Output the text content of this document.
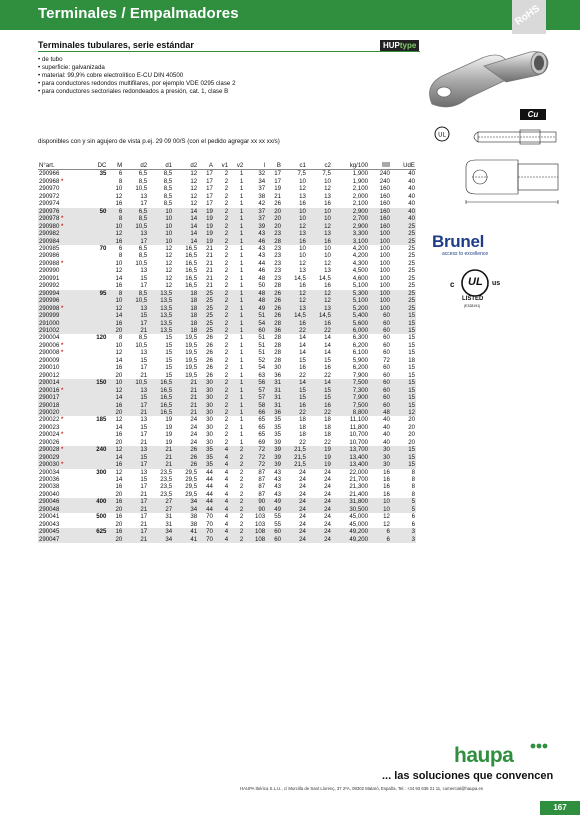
Terminales / Empalmadores	RoHS
Terminales tubulares, serie estándar	HUPtype
• de tubo
• superficie: galvanizada
• material: 99,9% cobre electrolítico E-CU DIN 40500
• para conductores redondos multifilares, por ejemplo VDE 0295 clase 2
• para conductores sectoriales redondeados a presión, cat. 1, clase B
disponibles con y sin agujero de vista p.ej. 29 09 00/S (con el pedido agregar xx xx xx/s)
Cu
UL
Brunel
access to excellence
c UL us
LISTED
(E328191)
N°art.	DC	M	d2	d1	d2	A	v1	v2	l	B	c1	c2	kg/100		UdE
290966	35	6	6,5	8,5	12	17	2	1	32	17	7,5	7,5	1,900	240	40
290968 *		8	8,5	8,5	12	17	2	1	34	17	10	10	1,900	240	40
290970		10	10,5	8,5	12	17	2	1	37	19	12	12	2,100	160	40
290972		12	13	8,5	12	17	2	1	38	21	13	13	2,000	160	40
290974		16	17	8,5	12	17	2	1	42	26	16	16	2,100	160	40
290976	50	6	6,5	10	14	19	2	1	37	20	10	10	2,900	160	40
290978 *		8	8,5	10	14	19	2	1	37	20	10	10	2,700	160	40
290980 *		10	10,5	10	14	19	2	1	39	20	12	12	2,900	160	25
290982		12	13	10	14	19	2	1	43	23	13	13	3,300	100	25
290984		16	17	10	14	19	2	1	46	28	16	16	3,100	100	25
290985	70	6	6,5	12	16,5	21	2	1	43	23	10	10	4,200	100	25
290986		8	8,5	12	16,5	21	2	1	43	23	10	10	4,200	100	25
290988 *		10	10,5	12	16,5	21	2	1	44	23	12	12	4,300	100	25
290990		12	13	12	16,5	21	2	1	46	23	13	13	4,500	100	25
290991		14	15	12	16,5	21	2	1	48	23	14,5	14,5	4,600	100	25
290992		16	17	12	16,5	21	2	1	50	28	16	16	5,100	100	25
290994	95	8	8,5	13,5	18	25	2	1	48	26	12	12	5,300	100	25
290996		10	10,5	13,5	18	25	2	1	48	26	12	12	5,100	100	25
290998 *		12	13	13,5	18	25	2	1	49	26	13	13	5,200	100	25
290999		14	15	13,5	18	25	2	1	51	26	14,5	14,5	5,400	60	15
291000		16	17	13,5	18	25	2	1	54	28	16	16	5,600	60	15
291002		20	21	13,5	18	25	2	1	60	36	22	22	6,000	60	15
290004	120	8	8,5	15	19,5	26	2	1	51	28	14	14	6,300	60	15
290006 *		10	10,5	15	19,5	26	2	1	51	28	14	14	6,200	60	15
290008 *		12	13	15	19,5	26	2	1	51	28	14	14	6,100	60	15
290009		14	15	15	19,5	26	2	1	52	28	15	15	5,900	72	18
290010		16	17	15	19,5	26	2	1	54	30	16	16	6,200	60	15
290012		20	21	15	19,5	26	2	1	63	36	22	22	7,900	60	15
290014	150	10	10,5	16,5	21	30	2	1	56	31	14	14	7,500	60	15
290016 *		12	13	16,5	21	30	2	1	57	31	15	15	7,300	60	15
290017		14	15	16,5	21	30	2	1	57	31	15	15	7,900	60	15
290018		16	17	16,5	21	30	2	1	58	31	16	16	7,500	60	15
290020		20	21	16,5	21	30	2	1	66	36	22	22	8,800	48	12
290022 *	185	12	13	19	24	30	2	1	65	35	18	18	11,100	40	20
290023		14	15	19	24	30	2	1	65	35	18	18	11,800	40	20
290024 *		16	17	19	24	30	2	1	65	35	18	18	10,700	40	20
290026		20	21	19	24	30	2	1	69	39	22	22	10,700	40	20
290028 *	240	12	13	21	26	35	4	2	72	39	21,5	19	13,700	30	15
290029		14	15	21	26	35	4	2	72	39	21,5	19	13,400	30	15
290030 *		16	17	21	26	35	4	2	72	39	21,5	19	13,400	30	15
290034	300	12	13	23,5	29,5	44	4	2	87	43	24	24	22,000	16	8
290036		14	15	23,5	29,5	44	4	2	87	43	24	24	21,700	16	8
290038		16	17	23,5	29,5	44	4	2	87	43	24	24	21,300	16	8
290040		20	21	23,5	29,5	44	4	2	87	43	24	24	21,400	16	8
290046	400	16	17	27	34	44	4	2	90	49	24	24	31,800	10	5
290048		20	21	27	34	44	4	2	90	49	24	24	30,500	10	5
290041	500	16	17	31	38	70	4	2	103	55	24	24	45,000	12	6
290043		20	21	31	38	70	4	2	103	55	24	24	45,000	12	6
290045	625	16	17	34	41	70	4	2	108	60	24	24	49,200	6	3
290047		20	21	34	41	70	4	2	108	60	24	24	49,200	6	3
haupa
... las soluciones que convencen
HAUPA Ibérica S.L.U., c/ Murcilla de Sant Llorenç, 37 2ºA, 08302 Mataró, España, Tel.: +34 93 638 21 11, comercial@haupa.es
167
